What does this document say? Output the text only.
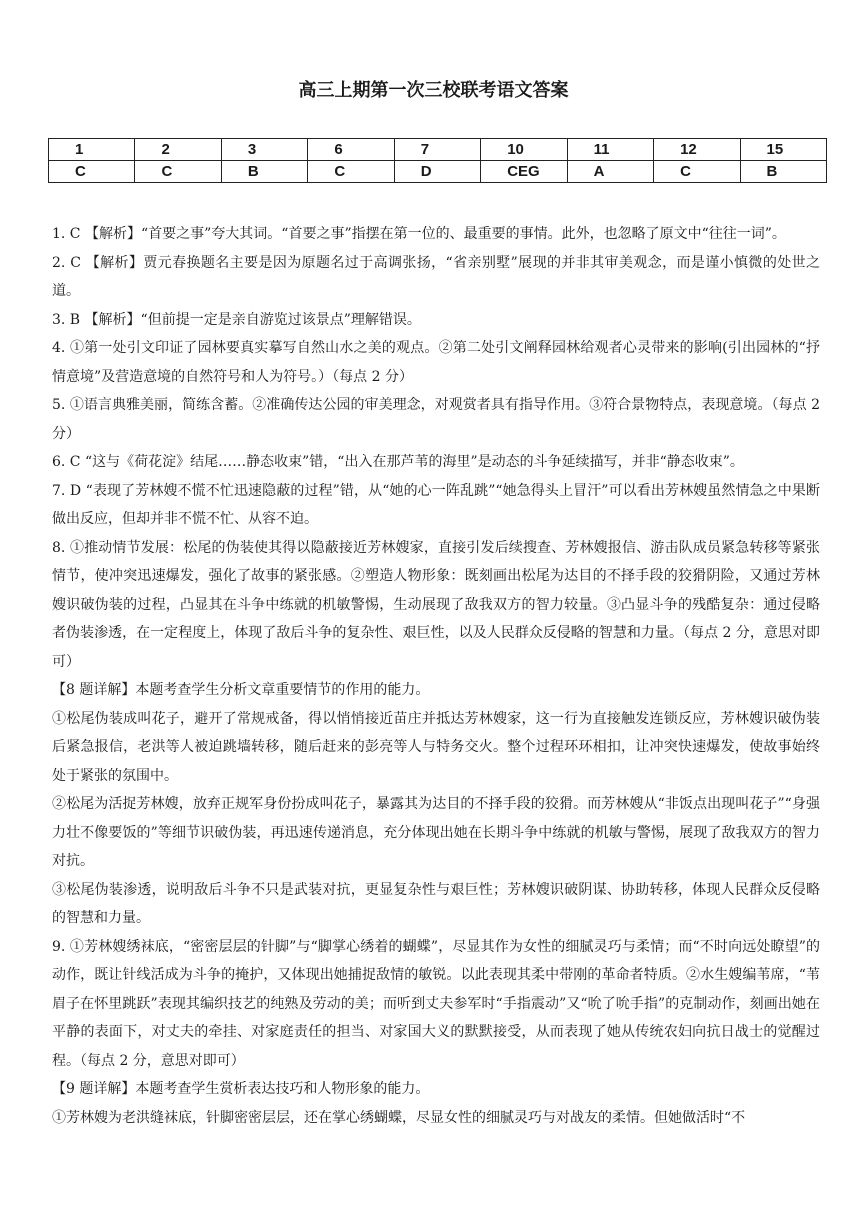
高三上期第一次三校联考语文答案
1	2	3	6	7	10	11	12	15
C	C	B	C	D	CEG	A	C	B

1. C 【解析】“首要之事”夸大其词。“首要之事”指摆在第一位的、最重要的事情。此外，也忽略了原文中“往往一词”。

2. C 【解析】贾元春换题名主要是因为原题名过于高调张扬，“省亲别墅”展现的并非其审美观念，而是谨小慎微的处世之道。

3. B 【解析】“但前提一定是亲自游览过该景点”理解错误。

4. ①第一处引文印证了园林要真实摹写自然山水之美的观点。②第二处引文阐释园林给观者心灵带来的影响(引出园林的“抒情意境”及营造意境的自然符号和人为符号。）（每点 2 分）

5. ①语言典雅美丽，简练含蓄。②准确传达公园的审美理念，对观赏者具有指导作用。③符合景物特点，表现意境。（每点 2 分）

6. C “这与《荷花淀》结尾……静态收束”错，“出入在那芦苇的海里”是动态的斗争延续描写，并非“静态收束”。

7. D “表现了芳林嫂不慌不忙迅速隐蔽的过程”错，从“她的心一阵乱跳”“她急得头上冒汗”可以看出芳林嫂虽然情急之中果断做出反应，但却并非不慌不忙、从容不迫。

8. ①推动情节发展：松尾的伪装使其得以隐蔽接近芳林嫂家，直接引发后续搜查、芳林嫂报信、游击队成员紧急转移等紧张情节，使冲突迅速爆发，强化了故事的紧张感。②塑造人物形象：既刻画出松尾为达目的不择手段的狡猾阴险，又通过芳林嫂识破伪装的过程，凸显其在斗争中练就的机敏警惕，生动展现了敌我双方的智力较量。③凸显斗争的残酷复杂：通过侵略者伪装渗透，在一定程度上，体现了敌后斗争的复杂性、艰巨性，以及人民群众反侵略的智慧和力量。（每点 2 分，意思对即可）

【8 题详解】本题考查学生分析文章重要情节的作用的能力。

①松尾伪装成叫花子，避开了常规戒备，得以悄悄接近苗庄并抵达芳林嫂家，这一行为直接触发连锁反应，芳林嫂识破伪装后紧急报信，老洪等人被迫跳墙转移，随后赶来的彭亮等人与特务交火。整个过程环环相扣，让冲突快速爆发，使故事始终处于紧张的氛围中。

②松尾为活捉芳林嫂，放弃正规军身份扮成叫花子，暴露其为达目的不择手段的狡猾。而芳林嫂从“非饭点出现叫花子”“身强力壮不像要饭的”等细节识破伪装，再迅速传递消息，充分体现出她在长期斗争中练就的机敏与警惕，展现了敌我双方的智力对抗。

③松尾伪装渗透，说明敌后斗争不只是武装对抗，更显复杂性与艰巨性；芳林嫂识破阴谋、协助转移，体现人民群众反侵略的智慧和力量。

9. ①芳林嫂绣袜底，“密密层层的针脚”与“脚掌心绣着的蝴蝶”，尽显其作为女性的细腻灵巧与柔情；而“不时向远处瞭望”的动作，既让针线活成为斗争的掩护，又体现出她捕捉敌情的敏锐。以此表现其柔中带刚的革命者特质。②水生嫂编苇席，“苇眉子在怀里跳跃”表现其编织技艺的纯熟及劳动的美；而听到丈夫参军时“手指震动”又“吮了吮手指”的克制动作，刻画出她在平静的表面下，对丈夫的牵挂、对家庭责任的担当、对家国大义的默默接受，从而表现了她从传统农妇向抗日战士的觉醒过程。（每点 2 分，意思对即可）

【9 题详解】本题考查学生赏析表达技巧和人物形象的能力。

①芳林嫂为老洪缝袜底，针脚密密层层，还在掌心绣蝴蝶，尽显女性的细腻灵巧与对战友的柔情。但她做活时“不
